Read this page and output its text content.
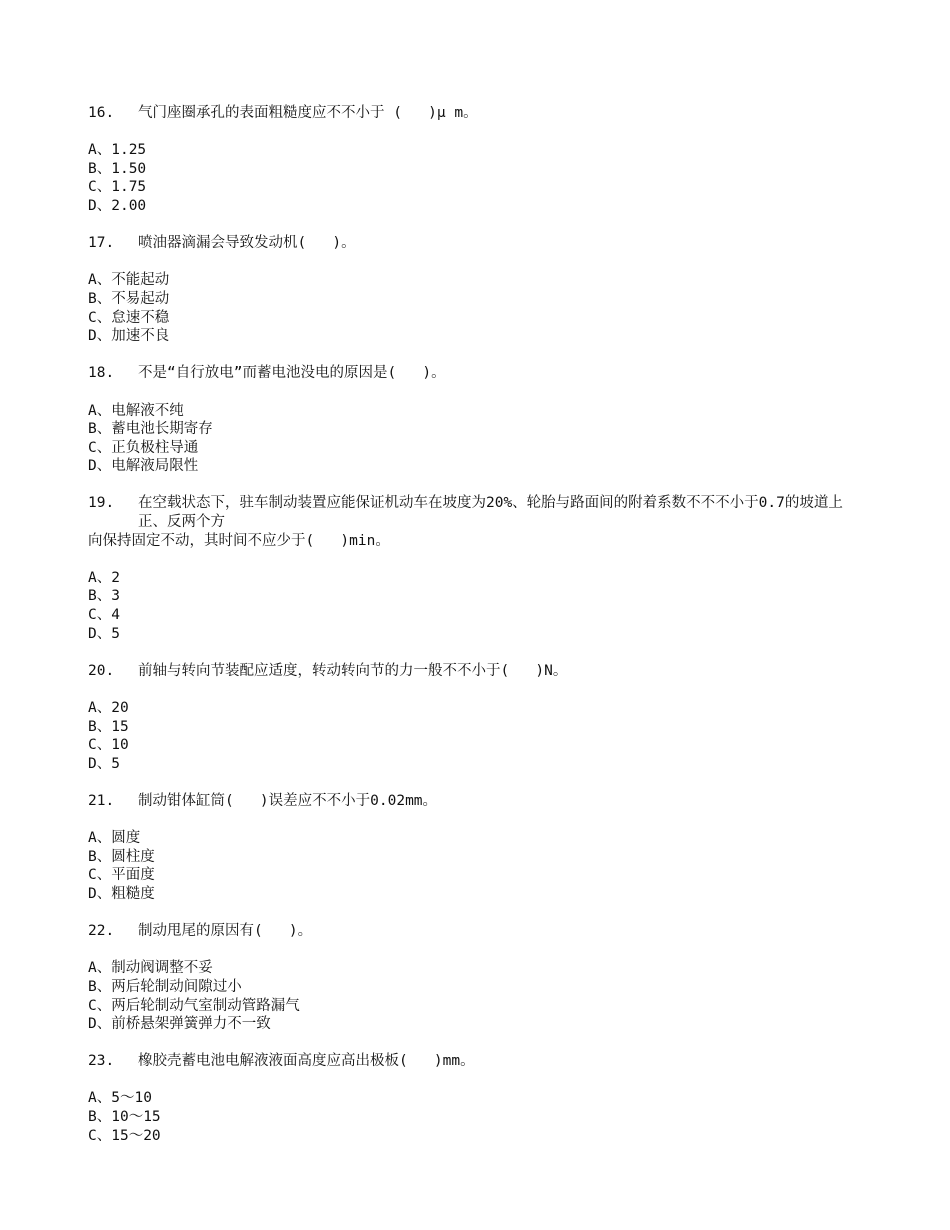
16.	气门座圈承孔的表面粗糙度应不不小于 (   )μ m。
A、1.25
B、1.50
C、1.75
D、2.00
17.	喷油器滴漏会导致发动机(   )。
A、不能起动
B、不易起动
C、怠速不稳
D、加速不良
18.	不是“自行放电”而蓄电池没电的原因是(   )。
A、电解液不纯
B、蓄电池长期寄存
C、正负极柱导通
D、电解液局限性
19.	在空载状态下，驻车制动装置应能保证机动车在坡度为20%、轮胎与路面间的附着系数不不不小于0.7的坡道上正、反两个方
向保持固定不动，其时间不应少于(   )min。
A、2
B、3
C、4
D、5
20.	前轴与转向节装配应适度，转动转向节的力一般不不小于(   )N。
A、20
B、15
C、10
D、5
21.	制动钳体缸筒(   )误差应不不小于0.02mm。
A、圆度
B、圆柱度
C、平面度
D、粗糙度
22.	制动甩尾的原因有(   )。
A、制动阀调整不妥
B、两后轮制动间隙过小
C、两后轮制动气室制动管路漏气
D、前桥悬架弹簧弹力不一致
23.	橡胶壳蓄电池电解液液面高度应高出极板(   )mm。
A、5～10
B、10～15
C、15～20
